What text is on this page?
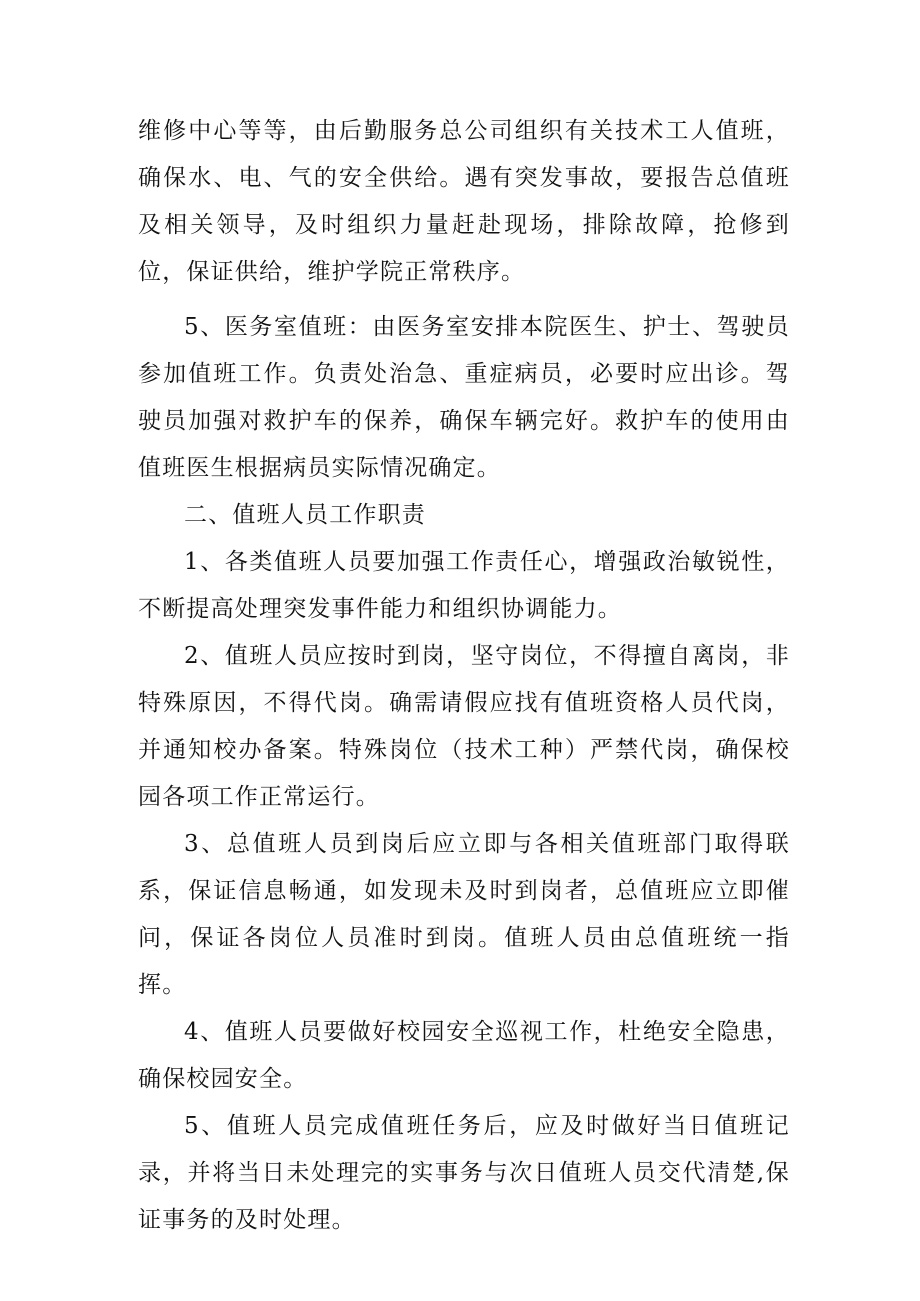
维修中心等等，由后勤服务总公司组织有关技术工人值班，确保水、电、气的安全供给。遇有突发事故，要报告总值班及相关领导，及时组织力量赶赴现场，排除故障，抢修到位，保证供给，维护学院正常秩序。

5、医务室值班：由医务室安排本院医生、护士、驾驶员参加值班工作。负责处治急、重症病员，必要时应出诊。驾驶员加强对救护车的保养，确保车辆完好。救护车的使用由值班医生根据病员实际情况确定。

二、值班人员工作职责

1、各类值班人员要加强工作责任心，增强政治敏锐性，不断提高处理突发事件能力和组织协调能力。

2、值班人员应按时到岗，坚守岗位，不得擅自离岗，非特殊原因，不得代岗。确需请假应找有值班资格人员代岗，并通知校办备案。特殊岗位（技术工种）严禁代岗，确保校园各项工作正常运行。

3、总值班人员到岗后应立即与各相关值班部门取得联系，保证信息畅通，如发现未及时到岗者，总值班应立即催问，保证各岗位人员准时到岗。值班人员由总值班统一指挥。

4、值班人员要做好校园安全巡视工作，杜绝安全隐患，确保校园安全。

5、值班人员完成值班任务后，应及时做好当日值班记录，并将当日未处理完的实事务与次日值班人员交代清楚,保证事务的及时处理。
